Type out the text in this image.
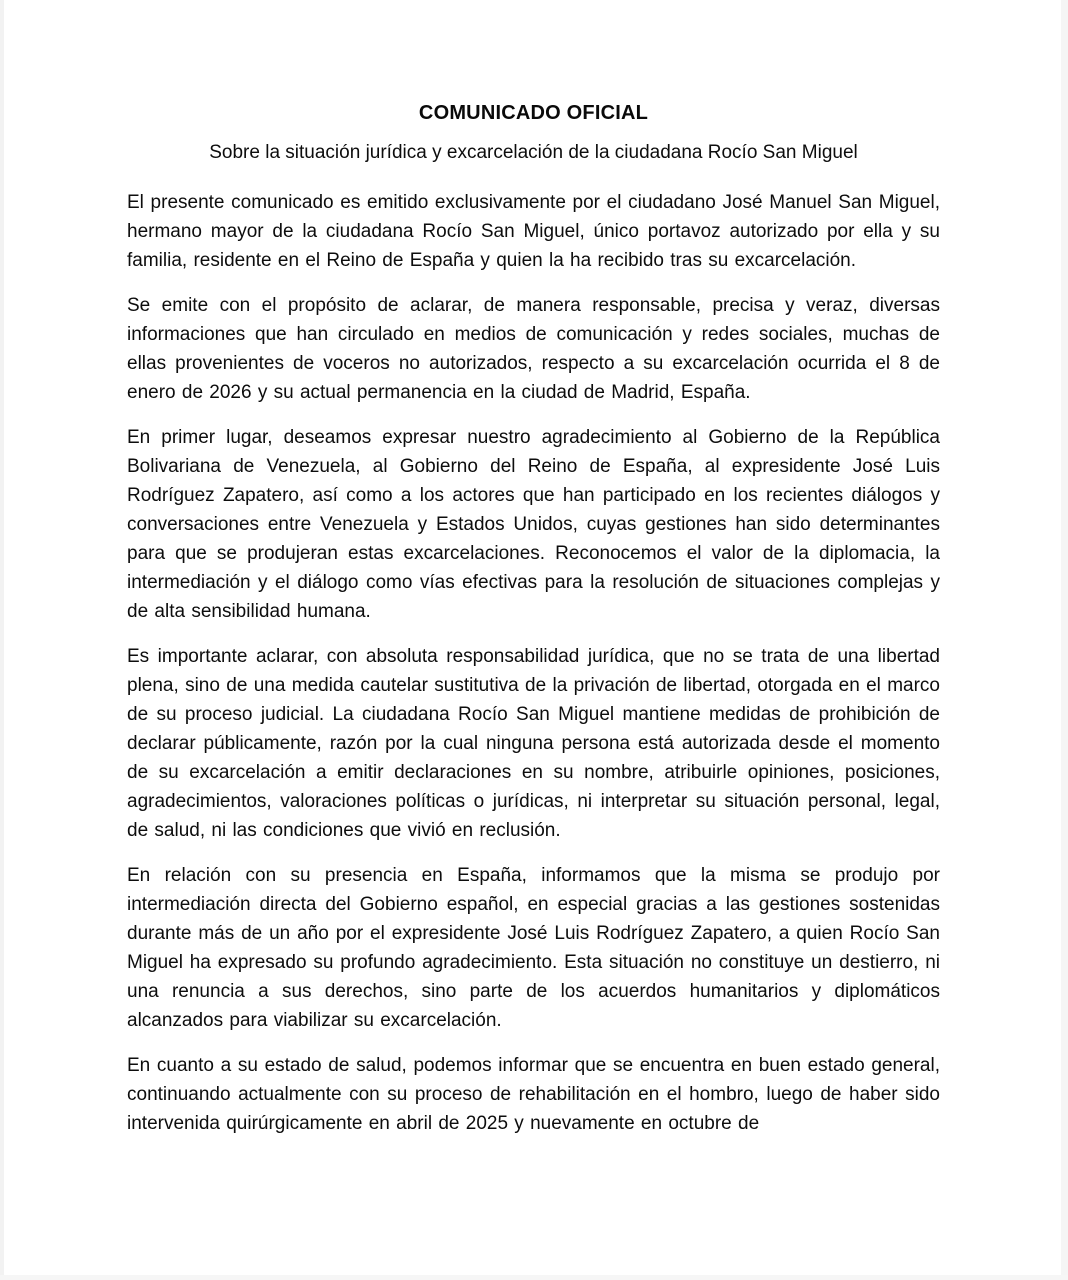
COMUNICADO OFICIAL

Sobre la situación jurídica y excarcelación de la ciudadana Rocío San Miguel

El presente comunicado es emitido exclusivamente por el ciudadano José Manuel San Miguel, hermano mayor de la ciudadana Rocío San Miguel, único portavoz autorizado por ella y su familia, residente en el Reino de España y quien la ha recibido tras su excarcelación.

Se emite con el propósito de aclarar, de manera responsable, precisa y veraz, diversas informaciones que han circulado en medios de comunicación y redes sociales, muchas de ellas provenientes de voceros no autorizados, respecto a su excarcelación ocurrida el 8 de enero de 2026 y su actual permanencia en la ciudad de Madrid, España.

En primer lugar, deseamos expresar nuestro agradecimiento al Gobierno de la República Bolivariana de Venezuela, al Gobierno del Reino de España, al expresidente José Luis Rodríguez Zapatero, así como a los actores que han participado en los recientes diálogos y conversaciones entre Venezuela y Estados Unidos, cuyas gestiones han sido determinantes para que se produjeran estas excarcelaciones. Reconocemos el valor de la diplomacia, la intermediación y el diálogo como vías efectivas para la resolución de situaciones complejas y de alta sensibilidad humana.

Es importante aclarar, con absoluta responsabilidad jurídica, que no se trata de una libertad plena, sino de una medida cautelar sustitutiva de la privación de libertad, otorgada en el marco de su proceso judicial. La ciudadana Rocío San Miguel mantiene medidas de prohibición de declarar públicamente, razón por la cual ninguna persona está autorizada desde el momento de su excarcelación a emitir declaraciones en su nombre, atribuirle opiniones, posiciones, agradecimientos, valoraciones políticas o jurídicas, ni interpretar su situación personal, legal, de salud, ni las condiciones que vivió en reclusión.

En relación con su presencia en España, informamos que la misma se produjo por intermediación directa del Gobierno español, en especial gracias a las gestiones sostenidas durante más de un año por el expresidente José Luis Rodríguez Zapatero, a quien Rocío San Miguel ha expresado su profundo agradecimiento. Esta situación no constituye un destierro, ni una renuncia a sus derechos, sino parte de los acuerdos humanitarios y diplomáticos alcanzados para viabilizar su excarcelación.

En cuanto a su estado de salud, podemos informar que se encuentra en buen estado general, continuando actualmente con su proceso de rehabilitación en el hombro, luego de haber sido intervenida quirúrgicamente en abril de 2025 y nuevamente en octubre de
